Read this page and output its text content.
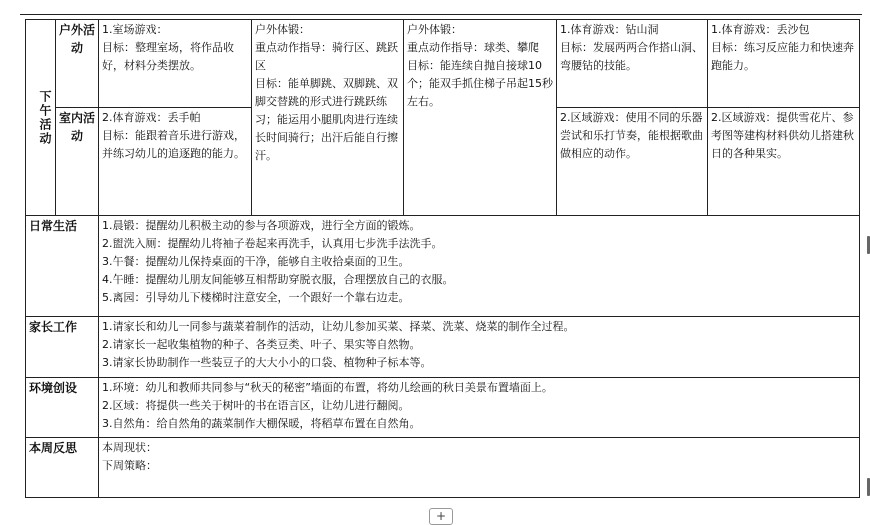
下午活动	户外活动	1.室场游戏：
目标：整理室场，将作品收好，材料分类摆放。	户外体锻：
重点动作指导：骑行区、跳跃区
目标：能单脚跳、双脚跳、双脚交替跳的形式进行跳跃练习；能运用小腿肌肉进行连续长时间骑行；出汗后能自行擦汗。	户外体锻：
重点动作指导：球类、攀爬
目标：能连续自抛自接球10个；能双手抓住梯子吊起15秒左右。	1.体育游戏：钻山洞
目标：发展两两合作搭山洞、弯腰钻的技能。	1.体育游戏：丢沙包
目标：练习反应能力和快速奔跑能力。
	室内活动	2.体育游戏：丢手帕
目标：能跟着音乐进行游戏，并练习幼儿的追逐跑的能力。			2.区域游戏：使用不同的乐器尝试和乐打节奏，能根据歌曲做相应的动作。	2.区域游戏：提供雪花片、参考图等建构材料供幼儿搭建秋日的各种果实。
日常生活		1.晨锻：提醒幼儿积极主动的参与各项游戏，进行全方面的锻炼。
2.盥洗入厕：提醒幼儿将袖子卷起来再洗手，认真用七步洗手法洗手。
3.午餐：提醒幼儿保持桌面的干净，能够自主收拾桌面的卫生。
4.午睡：提醒幼儿朋友间能够互相帮助穿脱衣服，合理摆放自己的衣服。
5.离园：引导幼儿下楼梯时注意安全，一个跟好一个靠右边走。				

家长工作		1.请家长和幼儿一同参与蔬菜着制作的活动，让幼儿参加买菜、择菜、洗菜、烧菜的制作全过程。
2.请家长一起收集植物的种子、各类豆类、叶子、果实等自然物。
3.请家长协助制作一些装豆子的大大小小的口袋、植物种子标本等。				

环境创设		1.环境：幼儿和教师共同参与“秋天的秘密”墙面的布置，将幼儿绘画的秋日美景布置墙面上。
2.区域：将提供一些关于树叶的书在语言区，让幼儿进行翻阅。
3.自然角：给自然角的蔬菜制作大棚保暖，将稻草布置在自然角。				

本周反思		本周现状：
下周策略：				
+
